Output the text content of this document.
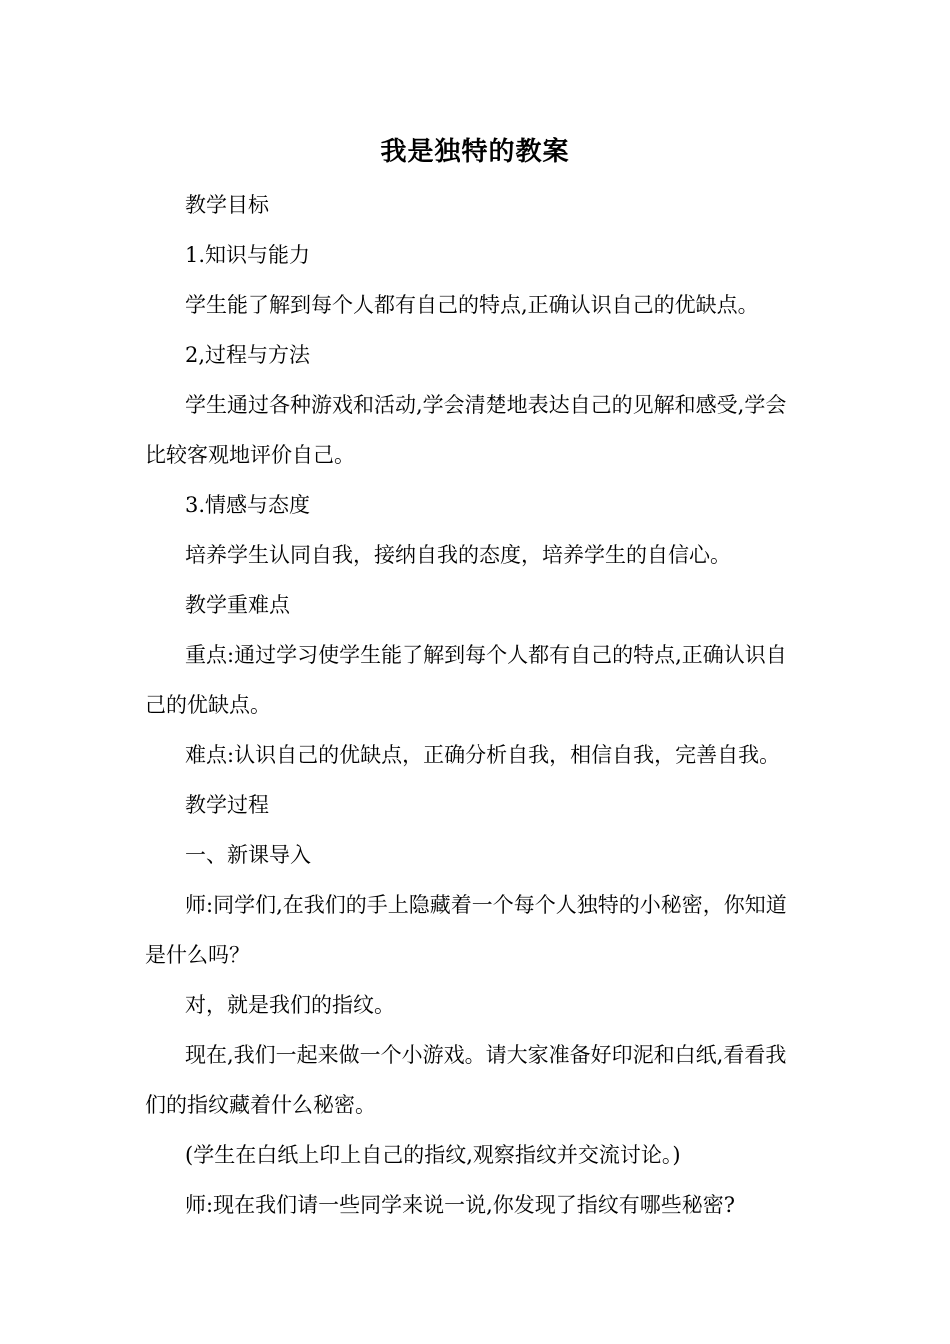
我是独特的教案

教学目标

1.知识与能力

学生能了解到每个人都有自己的特点,正确认识自己的优缺点。

2,过程与方法

学生通过各种游戏和活动,学会清楚地表达自己的见解和感受,学会比较客观地评价自己。

3.情感与态度

培养学生认同自我，接纳自我的态度，培养学生的自信心。

教学重难点

重点:通过学习使学生能了解到每个人都有自己的特点,正确认识自己的优缺点。

难点:认识自己的优缺点，正确分析自我，相信自我，完善自我。

教学过程

一、新课导入

师:同学们,在我们的手上隐藏着一个每个人独特的小秘密，你知道是什么吗？

对，就是我们的指纹。

现在,我们一起来做一个小游戏。请大家准备好印泥和白纸,看看我们的指纹藏着什么秘密。

(学生在白纸上印上自己的指纹,观察指纹并交流讨论。)

师:现在我们请一些同学来说一说,你发现了指纹有哪些秘密?
